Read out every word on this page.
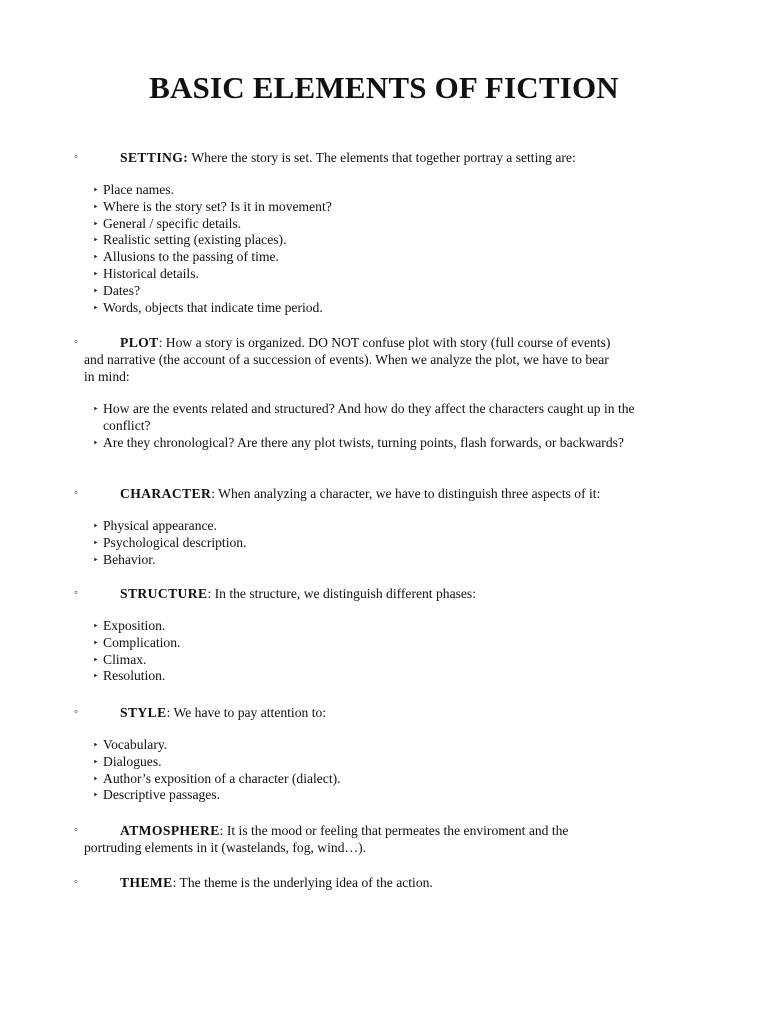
BASIC ELEMENTS OF FICTION
◦	SETTING: Where the story is set. The elements that together portray a setting are:
‣ Place names.
‣ Where is the story set? Is it in movement?
‣ General / specific details.
‣ Realistic setting (existing places).
‣ Allusions to the passing of time.
‣ Historical details.
‣ Dates?
‣ Words, objects that indicate time period.
◦	PLOT: How a story is organized. DO NOT confuse plot with story (full course of events)
and narrative (the account of a succession of events). When we analyze the plot, we have to bear
in mind:
‣ How are the events related and structured? And how do they affect the characters caught up in the conflict?
‣ Are they chronological? Are there any plot twists, turning points, flash forwards, or backwards?
◦	CHARACTER: When analyzing a character, we have to distinguish three aspects of it:
‣ Physical appearance.
‣ Psychological description.
‣ Behavior.
◦	STRUCTURE: In the structure, we distinguish different phases:
‣ Exposition.
‣ Complication.
‣ Climax.
‣ Resolution.
◦	STYLE: We have to pay attention to:
‣ Vocabulary.
‣ Dialogues.
‣ Author’s exposition of a character (dialect).
‣ Descriptive passages.
◦	ATMOSPHERE: It is the mood or feeling that permeates the enviroment and the
portruding elements in it (wastelands, fog, wind…).
◦	THEME: The theme is the underlying idea of the action.
